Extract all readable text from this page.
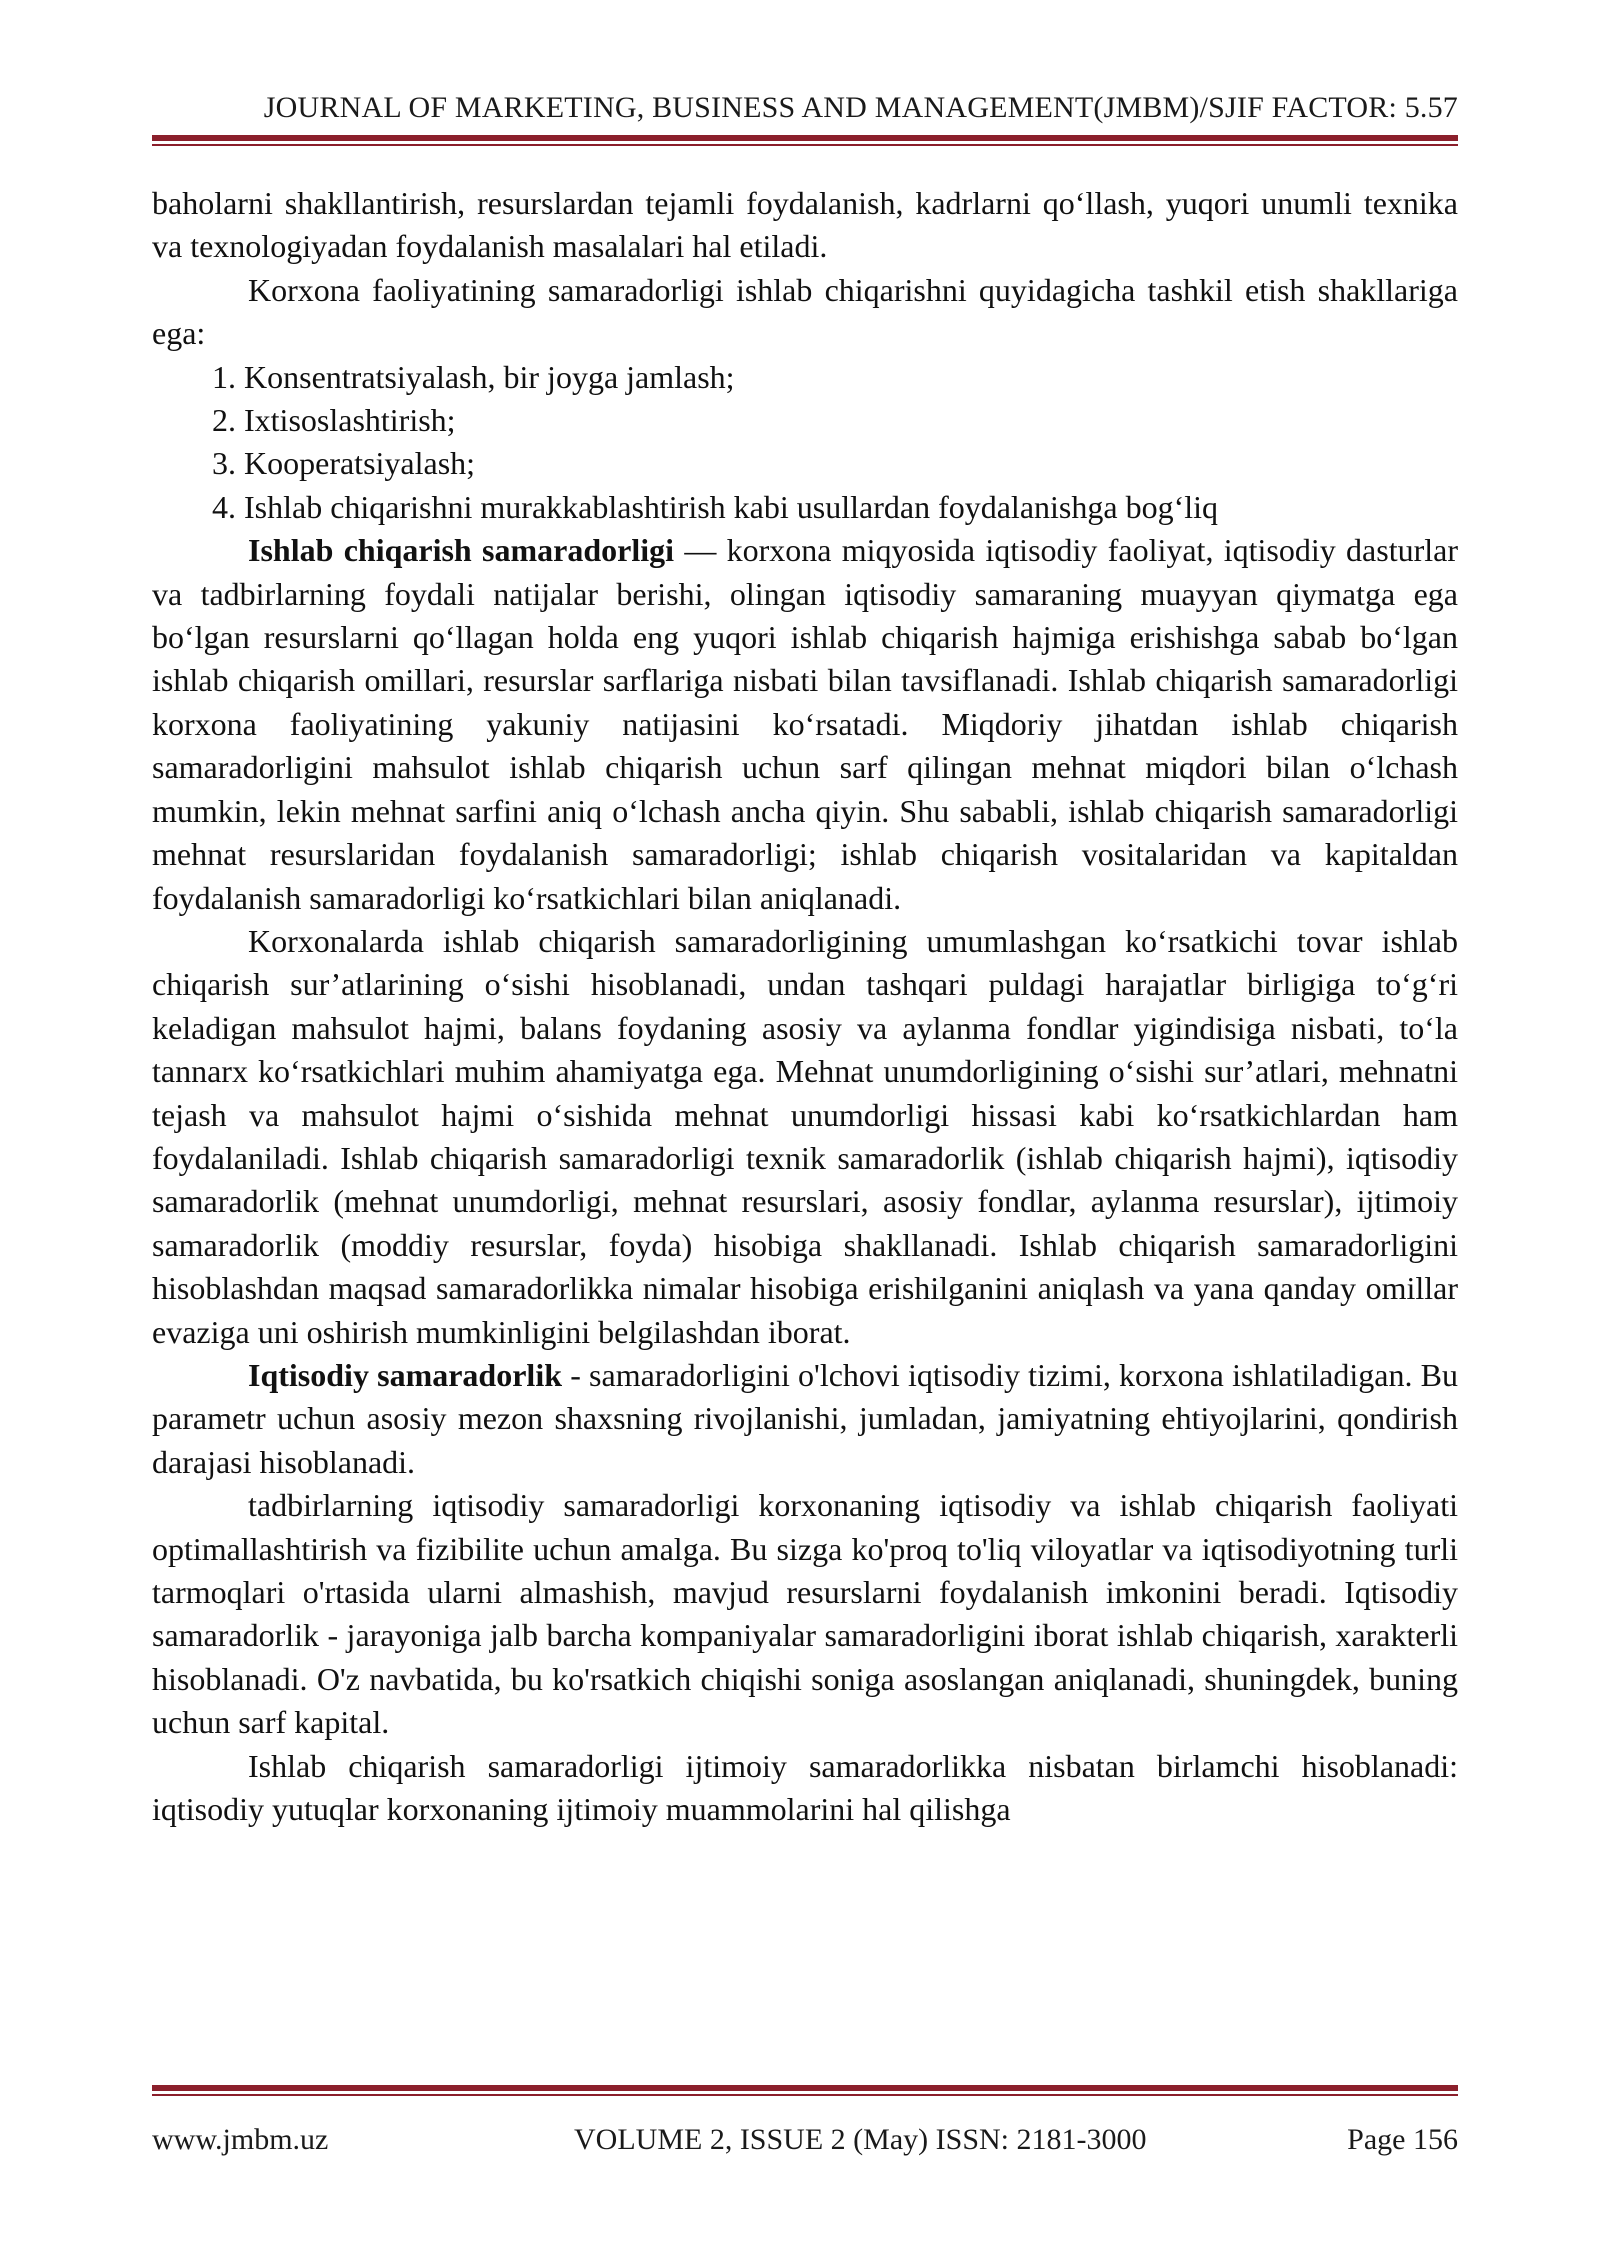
JOURNAL OF MARKETING, BUSINESS AND MANAGEMENT(JMBM)/SJIF FACTOR: 5.57

baholarni shakllantirish, resurslardan tejamli foydalanish, kadrlarni qo‘llash, yuqori unumli texnika va texnologiyadan foydalanish masalalari hal etiladi.

Korxona faoliyatining samaradorligi ishlab chiqarishni quyidagicha tashkil etish shakllariga ega:

1. Konsentratsiyalash, bir joyga jamlash;

2. Ixtisoslashtirish;

3. Kooperatsiyalash;

4. Ishlab chiqarishni murakkablashtirish kabi usullardan foydalanishga bog‘liq

Ishlab chiqarish samaradorligi — korxona miqyosida iqtisodiy faoliyat, iqtisodiy dasturlar va tadbirlarning foydali natijalar berishi, olingan iqtisodiy samaraning muayyan qiymatga ega bo‘lgan resurslarni qo‘llagan holda eng yuqori ishlab chiqarish hajmiga erishishga sabab bo‘lgan ishlab chiqarish omillari, resurslar sarflariga nisbati bilan tavsiflanadi. Ishlab chiqarish samaradorligi korxona faoliyatining yakuniy natijasini ko‘rsatadi. Miqdoriy jihatdan ishlab chiqarish samaradorligini mahsulot ishlab chiqarish uchun sarf qilingan mehnat miqdori bilan o‘lchash mumkin, lekin mehnat sarfini aniq o‘lchash ancha qiyin. Shu sababli, ishlab chiqarish samaradorligi mehnat resurslaridan foydalanish samaradorligi; ishlab chiqarish vositalaridan va kapitaldan foydalanish samaradorligi ko‘rsatkichlari bilan aniqlanadi.

Korxonalarda ishlab chiqarish samaradorligining umumlashgan ko‘rsatkichi tovar ishlab chiqarish sur’atlarining o‘sishi hisoblanadi, undan tashqari puldagi harajatlar birligiga to‘g‘ri keladigan mahsulot hajmi, balans foydaning asosiy va aylanma fondlar yigindisiga nisbati, to‘la tannarx ko‘rsatkichlari muhim ahamiyatga ega. Mehnat unumdorligining o‘sishi sur’atlari, mehnatni tejash va mahsulot hajmi o‘sishida mehnat unumdorligi hissasi kabi ko‘rsatkichlardan ham foydalaniladi. Ishlab chiqarish samaradorligi texnik samaradorlik (ishlab chiqarish hajmi), iqtisodiy samaradorlik (mehnat unumdorligi, mehnat resurslari, asosiy fondlar, aylanma resurslar), ijtimoiy samaradorlik (moddiy resurslar, foyda) hisobiga shakllanadi. Ishlab chiqarish samaradorligini hisoblashdan maqsad samaradorlikka nimalar hisobiga erishilganini aniqlash va yana qanday omillar evaziga uni oshirish mumkinligini belgilashdan iborat.

Iqtisodiy samaradorlik - samaradorligini o'lchovi iqtisodiy tizimi, korxona ishlatiladigan. Bu parametr uchun asosiy mezon shaxsning rivojlanishi, jumladan, jamiyatning ehtiyojlarini, qondirish darajasi hisoblanadi.

tadbirlarning iqtisodiy samaradorligi korxonaning iqtisodiy va ishlab chiqarish faoliyati optimallashtirish va fizibilite uchun amalga. Bu sizga ko'proq to'liq viloyatlar va iqtisodiyotning turli tarmoqlari o'rtasida ularni almashish, mavjud resurslarni foydalanish imkonini beradi. Iqtisodiy samaradorlik - jarayoniga jalb barcha kompaniyalar samaradorligini iborat ishlab chiqarish, xarakterli hisoblanadi. O'z navbatida, bu ko'rsatkich chiqishi soniga asoslangan aniqlanadi, shuningdek, buning uchun sarf kapital.

Ishlab chiqarish samaradorligi ijtimoiy samaradorlikka nisbatan birlamchi hisoblanadi: iqtisodiy yutuqlar korxonaning ijtimoiy muammolarini hal qilishga

www.jmbm.uz	VOLUME 2, ISSUE 2 (May) ISSN: 2181-3000	Page 156
